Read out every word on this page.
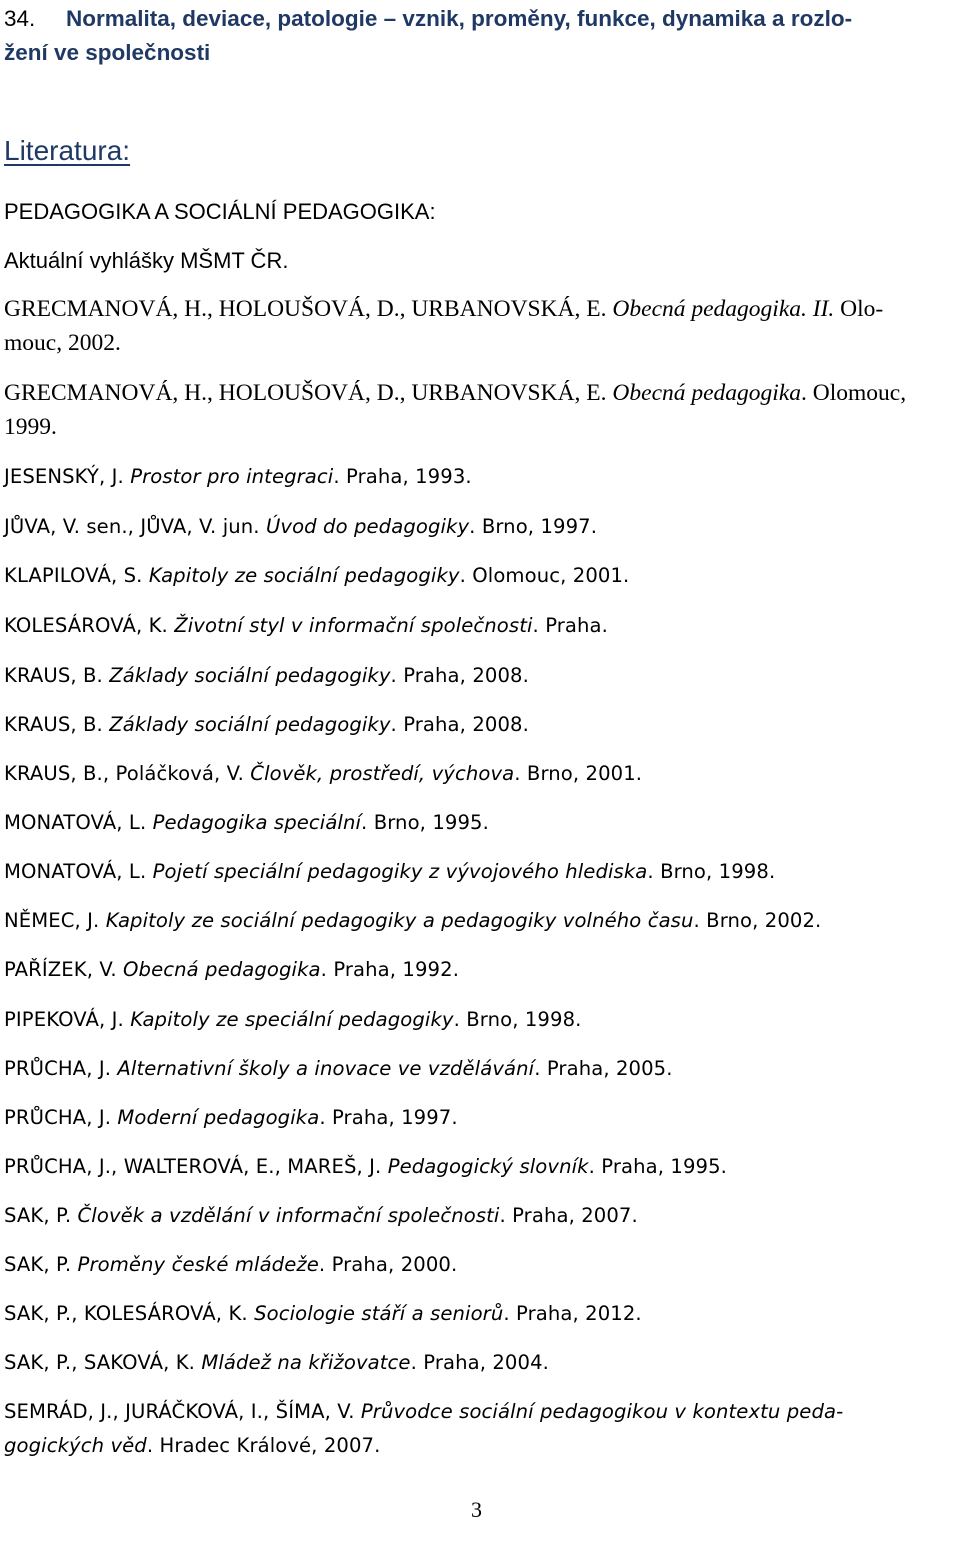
34. Normalita, deviace, patologie – vznik, proměny, funkce, dynamika a rozlo-
žení ve společnosti
Literatura:
PEDAGOGIKA A SOCIÁLNÍ PEDAGOGIKA:
Aktuální vyhlášky MŠMT ČR.
GRECMANOVÁ, H., HOLOUŠOVÁ, D., URBANOVSKÁ, E. Obecná pedagogika. II. Olo-
mouc, 2002.
GRECMANOVÁ, H., HOLOUŠOVÁ, D., URBANOVSKÁ, E. Obecná pedagogika. Olomouc,
1999.
JESENSKÝ, J. Prostor pro integraci. Praha, 1993.
JŮVA, V. sen., JŮVA, V. jun. Úvod do pedagogiky. Brno, 1997.
KLAPILOVÁ, S. Kapitoly ze sociální pedagogiky. Olomouc, 2001.
KOLESÁROVÁ, K. Životní styl v informační společnosti. Praha.
KRAUS, B. Základy sociální pedagogiky. Praha, 2008.
KRAUS, B. Základy sociální pedagogiky. Praha, 2008.
KRAUS, B., Poláčková, V. Člověk, prostředí, výchova. Brno, 2001.
MONATOVÁ, L. Pedagogika speciální. Brno, 1995.
MONATOVÁ, L. Pojetí speciální pedagogiky z vývojového hlediska. Brno, 1998.
NĚMEC, J. Kapitoly ze sociální pedagogiky a pedagogiky volného času. Brno, 2002.
PAŘÍZEK, V. Obecná pedagogika. Praha, 1992.
PIPEKOVÁ, J. Kapitoly ze speciální pedagogiky. Brno, 1998.
PRŮCHA, J. Alternativní školy a inovace ve vzdělávání. Praha, 2005.
PRŮCHA, J. Moderní pedagogika. Praha, 1997.
PRŮCHA, J., WALTEROVÁ, E., MAREŠ, J. Pedagogický slovník. Praha, 1995.
SAK, P. Člověk a vzdělání v informační společnosti. Praha, 2007.
SAK, P. Proměny české mládeže. Praha, 2000.
SAK, P., KOLESÁROVÁ, K. Sociologie stáří a seniorů. Praha, 2012.
SAK, P., SAKOVÁ, K. Mládež na křižovatce. Praha, 2004.
SEMRÁD, J., JURÁČKOVÁ, I., ŠÍMA, V. Průvodce sociální pedagogikou v kontextu peda-
gogických věd. Hradec Králové, 2007.
3
